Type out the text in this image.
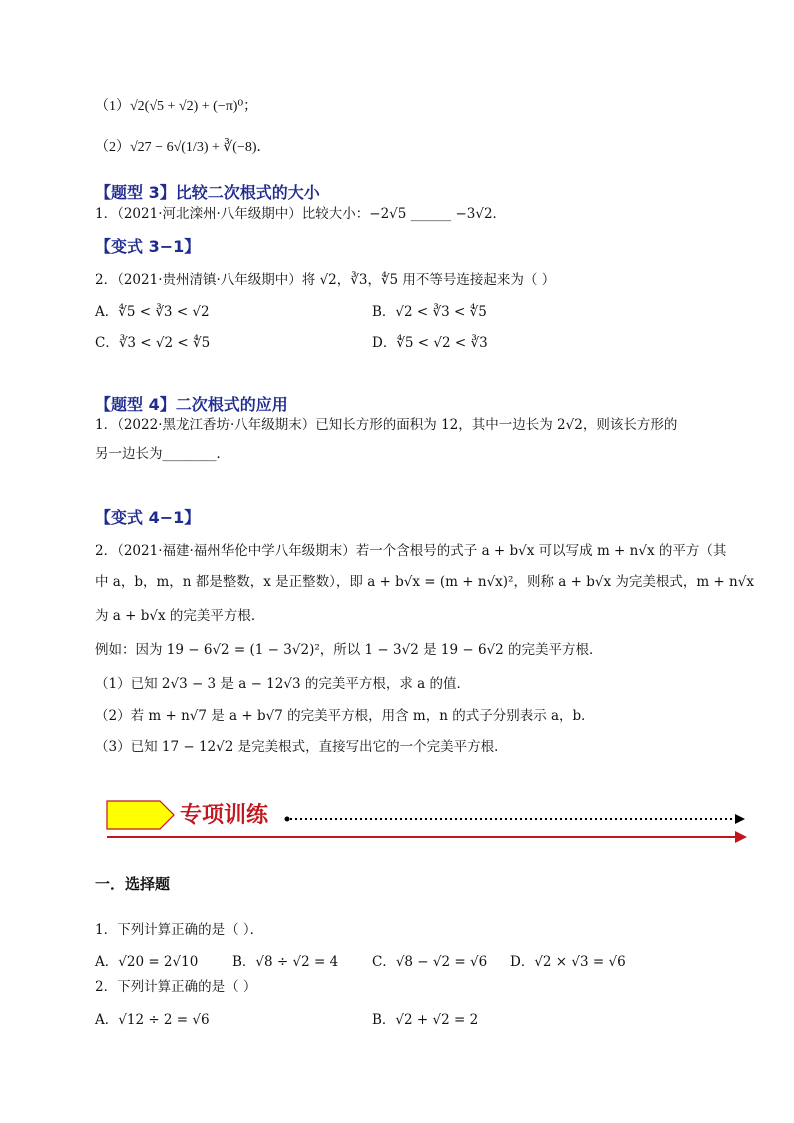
（1）√2(√5 + √2) + (−π)⁰；
（2）√27 − 6√(1/3) + ∛(−8)．
【题型 3】比较二次根式的大小
1．（2021·河北滦州·八年级期中）比较大小：−2√5 ______ −3√2．
【变式 3−1】
2．（2021·贵州清镇·八年级期中）将 √2，∛3，∜5 用不等号连接起来为（ ）
A．∜5 < ∛3 < √2	B．√2 < ∛3 < ∜5
C．∛3 < √2 < ∜5	D．∜5 < √2 < ∛3
【题型 4】二次根式的应用
1．（2022·黑龙江香坊·八年级期末）已知长方形的面积为 12，其中一边长为 2√2，则该长方形的
另一边长为________．
【变式 4−1】
2．（2021·福建·福州华伦中学八年级期末）若一个含根号的式子 a + b√x 可以写成 m + n√x 的平方（其
中 a，b，m，n 都是整数，x 是正整数），即 a + b√x = (m + n√x)²，则称 a + b√x 为完美根式，m + n√x
为 a + b√x 的完美平方根．
例如：因为 19 − 6√2 = (1 − 3√2)²，所以 1 − 3√2 是 19 − 6√2 的完美平方根．
（1）已知 2√3 − 3 是 a − 12√3 的完美平方根，求 a 的值．
（2）若 m + n√7 是 a + b√7 的完美平方根，用含 m，n 的式子分别表示 a，b．
（3）已知 17 − 12√2 是完美根式，直接写出它的一个完美平方根．
专项训练
一．选择题
1．下列计算正确的是（ ）．
A．√20 = 2√10 B．√8 ÷ √2 = 4	C．√8 − √2 = √6 D．√2 × √3 = √6
2．下列计算正确的是（ ）
A．√12 ÷ 2 = √6	B．√2 + √2 = 2
